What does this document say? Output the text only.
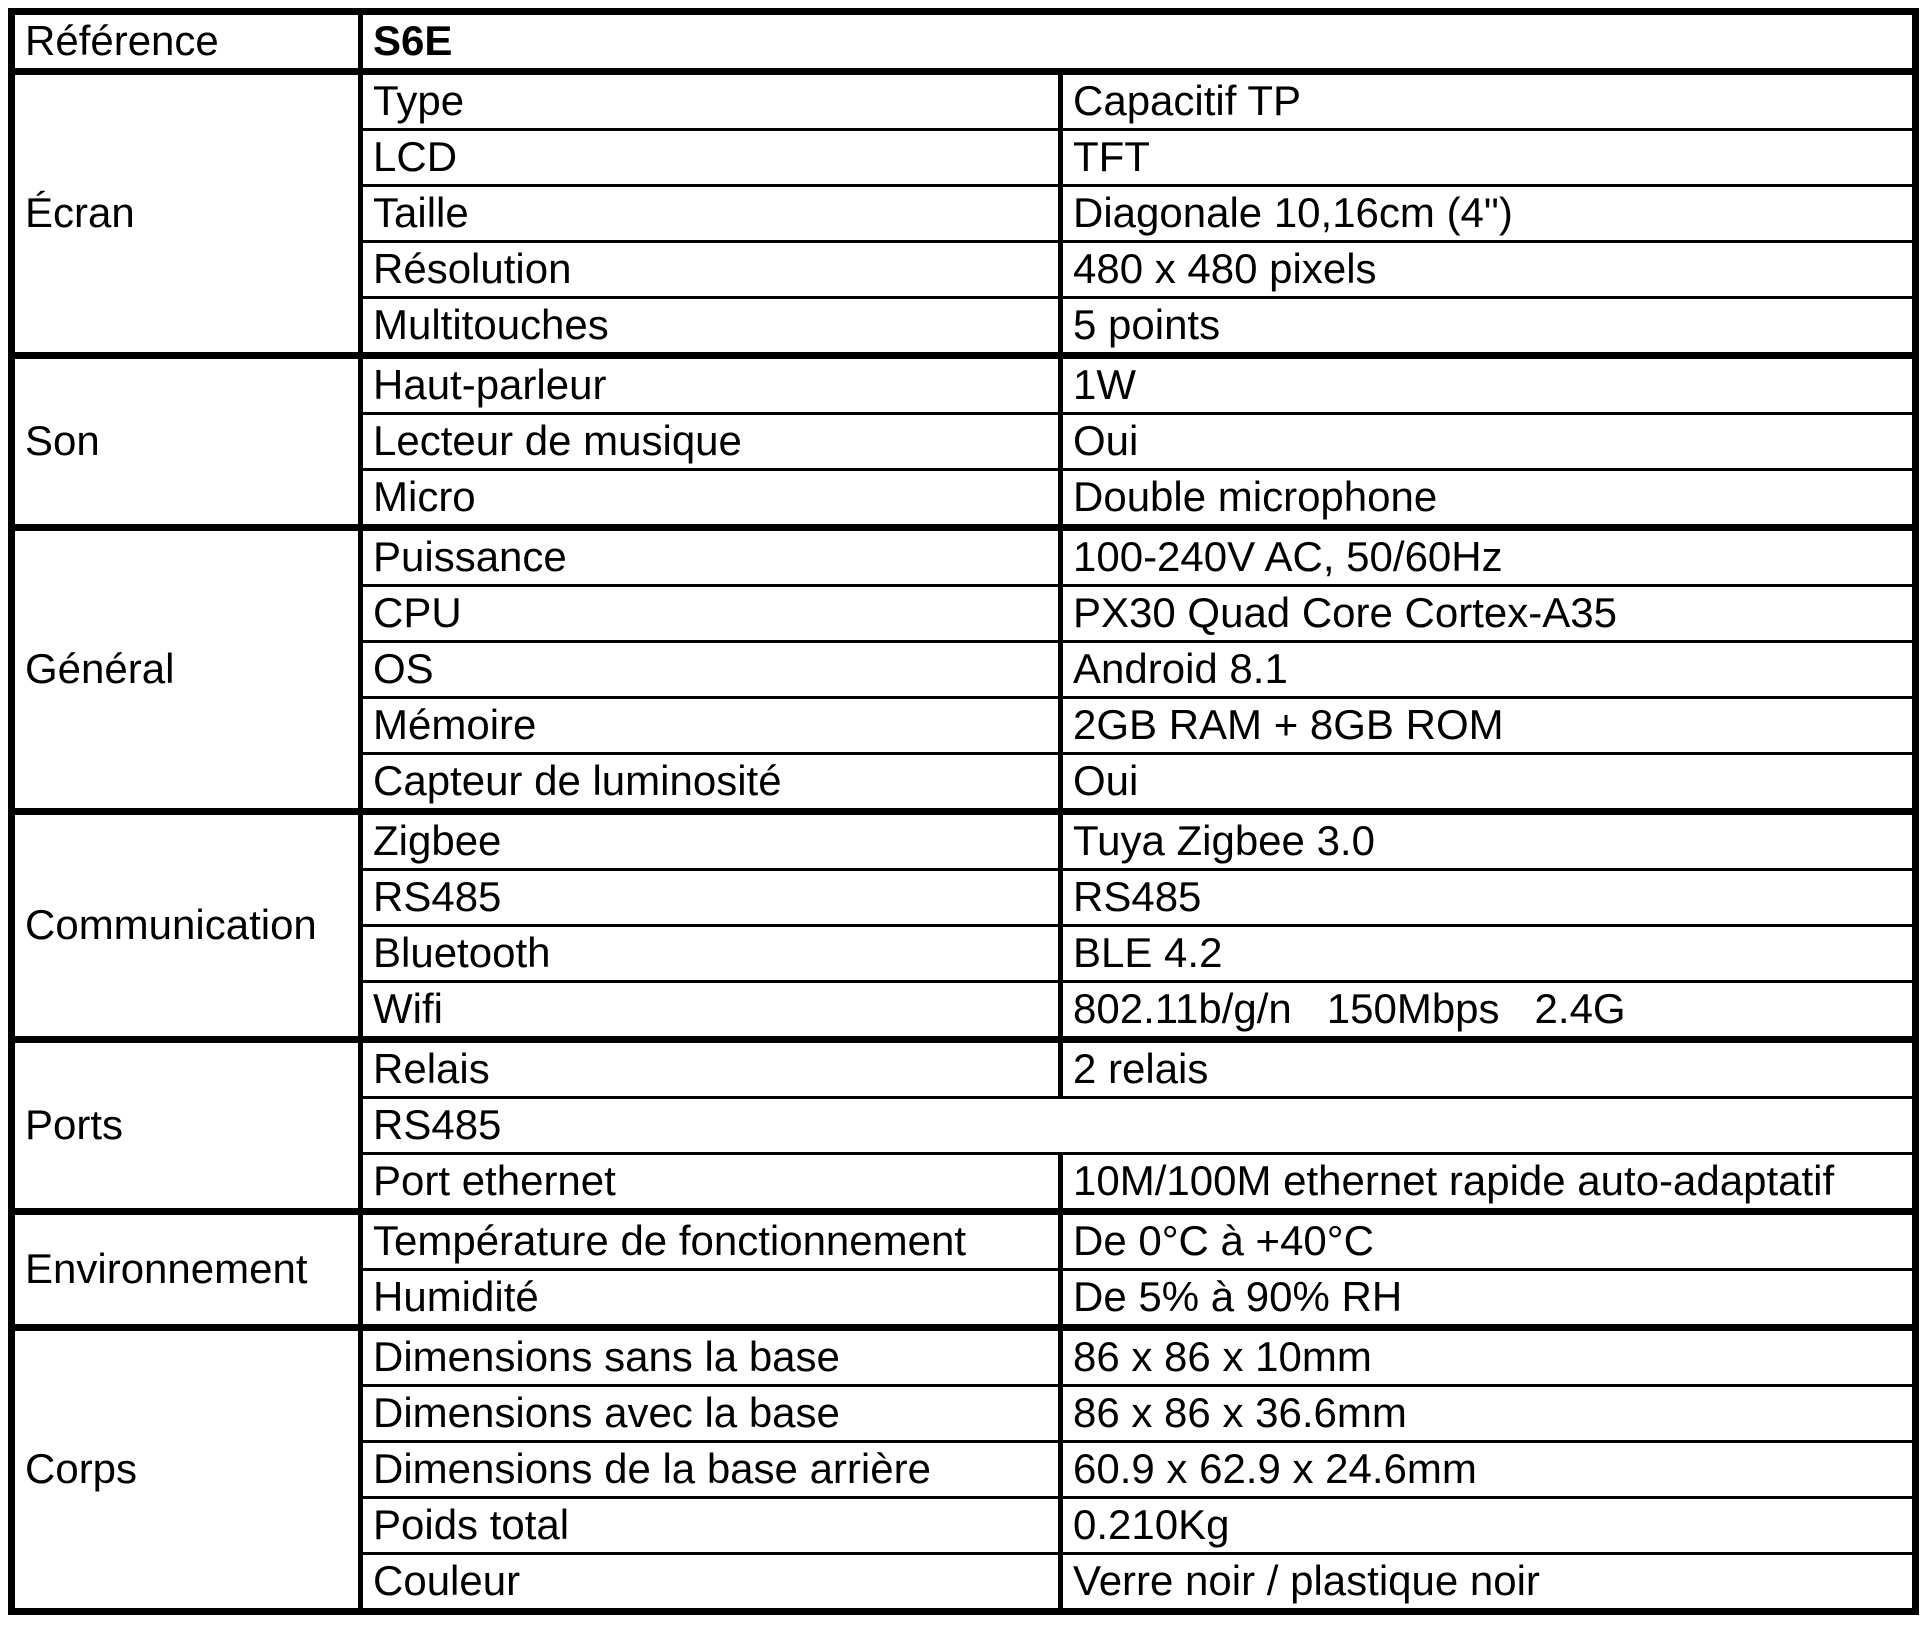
Référence	S6E	
Écran	Type	Capacitif TP
	LCD	TFT
	Taille	Diagonale 10,16cm (4")
	Résolution	480 x 480 pixels
	Multitouches	5 points
Son	Haut-parleur	1W
	Lecteur de musique	Oui
	Micro	Double microphone
Général	Puissance	100-240V AC, 50/60Hz
	CPU	PX30 Quad Core Cortex-A35
	OS	Android 8.1
	Mémoire	2GB RAM + 8GB ROM
	Capteur de luminosité	Oui
Communication	Zigbee	Tuya Zigbee 3.0
	RS485	RS485
	Bluetooth	BLE 4.2
	Wifi	802.11b/g/n   150Mbps   2.4G
Ports	Relais	2 relais
	RS485	
	Port ethernet	10M/100M ethernet rapide auto-adaptatif
Environnement	Température de fonctionnement	De 0°C à +40°C
	Humidité	De 5% à 90% RH
Corps	Dimensions sans la base	86 x 86 x 10mm
	Dimensions avec la base	86 x 86 x 36.6mm
	Dimensions de la base arrière	60.9 x 62.9 x 24.6mm
	Poids total	0.210Kg
	Couleur	Verre noir / plastique noir
